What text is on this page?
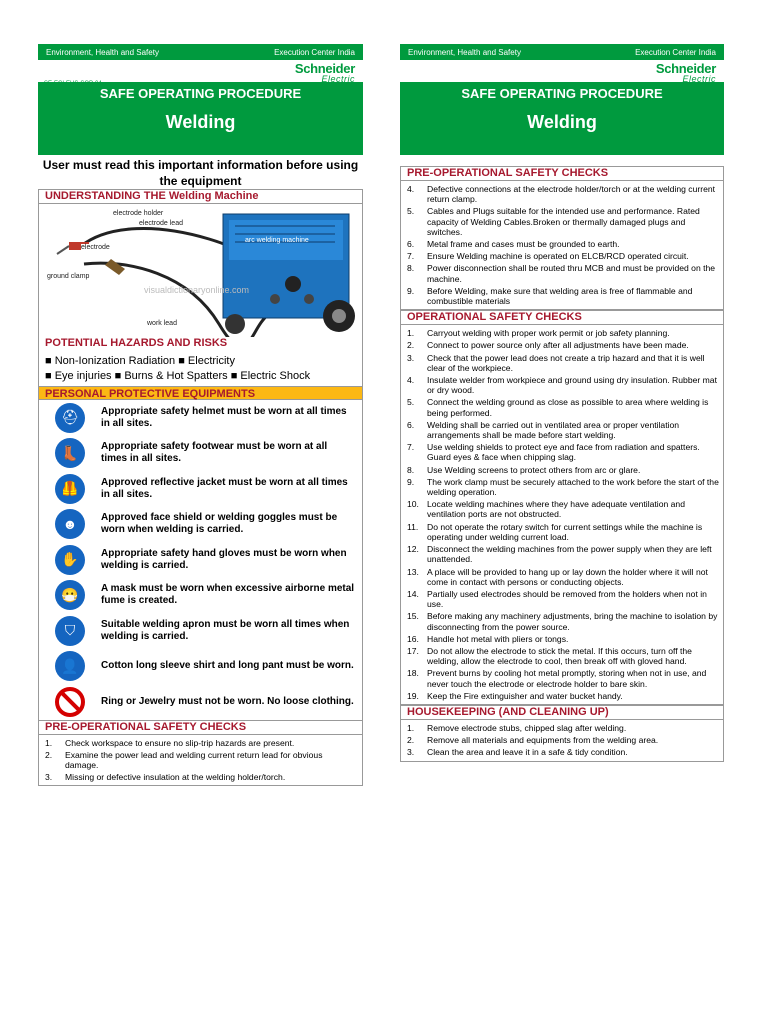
Environment, Health and Safety	Execution Center India
Schneider
Electric
SE-ECI-EHS-SOP-04
SAFE OPERATING PROCEDURE
Welding
User must read this important information before using the equipment
UNDERSTANDING THE Welding Machine
electrode holder
electrode lead
electrode
ground clamp
arc welding machine
work lead
visualdictionaryonline.com
POTENTIAL HAZARDS AND RISKS
■ Non-Ionization Radiation ■ Electricity
■ Eye injuries ■ Burns & Hot Spatters ■ Electric Shock
PERSONAL PROTECTIVE EQUIPMENTS
⛑	Appropriate safety helmet must be worn at all times in all sites.
👢	Appropriate safety footwear must be worn at all times in all sites.
🦺	Approved reflective jacket must be worn at all times in all sites.
☻	Approved face shield or welding goggles must be worn when welding is carried.
✋	Appropriate safety hand gloves must be worn when welding is carried.
😷	A mask must be worn when excessive airborne metal fume is created.
⛉	Suitable welding apron must be worn all times when welding is carried.
👤	Cotton long sleeve shirt and long pant must be worn.
Ring or Jewelry must not be worn. No loose clothing.
PRE-OPERATIONAL SAFETY CHECKS
1.	Check workspace to ensure no slip-trip hazards are present.
2.	Examine the power lead and welding current return lead for obvious damage.
3.	Missing or defective insulation at the welding holder/torch.
Environment, Health and Safety	Execution Center India
Schneider
Electric
SAFE OPERATING PROCEDURE
Welding
PRE-OPERATIONAL SAFETY CHECKS
4.	Defective connections at the electrode holder/torch or at the welding current return clamp.
5.	Cables and Plugs suitable for the intended use and performance. Rated capacity of Welding Cables.Broken or thermally damaged plugs and switches.
6.	Metal frame and cases must be grounded to earth.
7.	Ensure Welding machine is operated on ELCB/RCD operated circuit.
8.	Power disconnection shall be routed thru MCB and must be provided on the machine.
9.	Before Welding, make sure that welding area is free of flammable and combustible materials
OPERATIONAL SAFETY CHECKS
1.	Carryout welding with proper work permit or job safety planning.
2.	Connect to power source only after all adjustments have been made.
3.	Check that the power lead does not create a trip hazard and that it is well clear of the workpiece.
4.	Insulate welder from workpiece and ground using dry insulation. Rubber mat or dry wood.
5.	Connect the welding ground as close as possible to area where welding is being performed.
6.	Welding shall be carried out in ventilated area or proper ventilation arrangements shall be made before start welding.
7.	Use welding shields to protect eye and face from radiation and spatters. Guard eyes & face when chipping slag.
8.	Use Welding screens to protect others from arc or glare.
9.	The work clamp must be securely attached to the work before the start of the welding operation.
10. Locate welding machines where they have adequate ventilation and ventilation ports are not obstructed.
11.	Do not operate the rotary switch for current settings while the machine is operating under welding current load.
12. Disconnect the welding machines from the power supply when they are left unattended.
13. A place will be provided to hang up or lay down the holder where it will not come in contact with persons or conducting objects.
14. Partially used electrodes should be removed from the holders when not in use.
15. Before making any machinery adjustments, bring the machine to isolation by disconnecting from the power source.
16. Handle hot metal with pliers or tongs.
17. Do not allow the electrode to stick the metal. If this occurs, turn off the welding, allow the electrode to cool, then break off with gloved hand.
18. Prevent burns by cooling hot metal promptly, storing when not in use, and never touch the electrode or electrode holder to bare skin.
19. Keep the Fire extinguisher and water bucket handy.
HOUSEKEEPING (AND CLEANING UP)
1.	Remove electrode stubs, chipped slag after welding.
2.	Remove all materials and equipments from the welding area.
3.	Clean the area and leave it in a safe & tidy condition.
